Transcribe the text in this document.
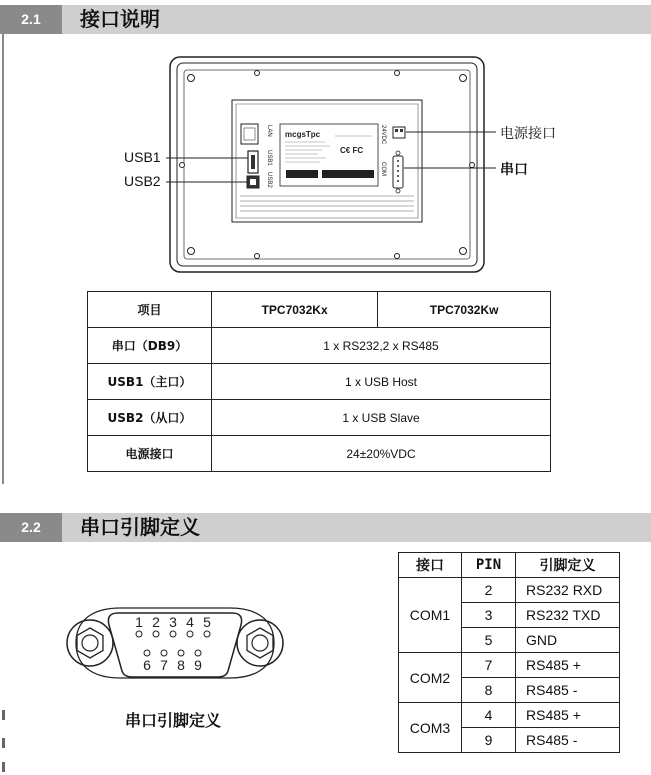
2.1	接口说明
LAN
USB1
USB2
COM
24VDC
mcgsTpc
C€ FC
USB1
USB2
电源接口
串口
项目	TPC7032Kx	TPC7032Kw
串口（DB9）	1 x RS232,2 x RS485	
USB1（主口）	1 x USB Host	
USB2（从口）	1 x USB Slave	
电源接口	24±20%VDC	
2.2	串口引脚定义
1 2 3 4 5
6 7 8 9
串口引脚定义
接口	PIN	引脚定义
COM1	2	RS232 RXD
	3	RS232 TXD
	5	GND
COM2	7	RS485 +
	8	RS485 -
COM3	4	RS485 +
	9	RS485 -
